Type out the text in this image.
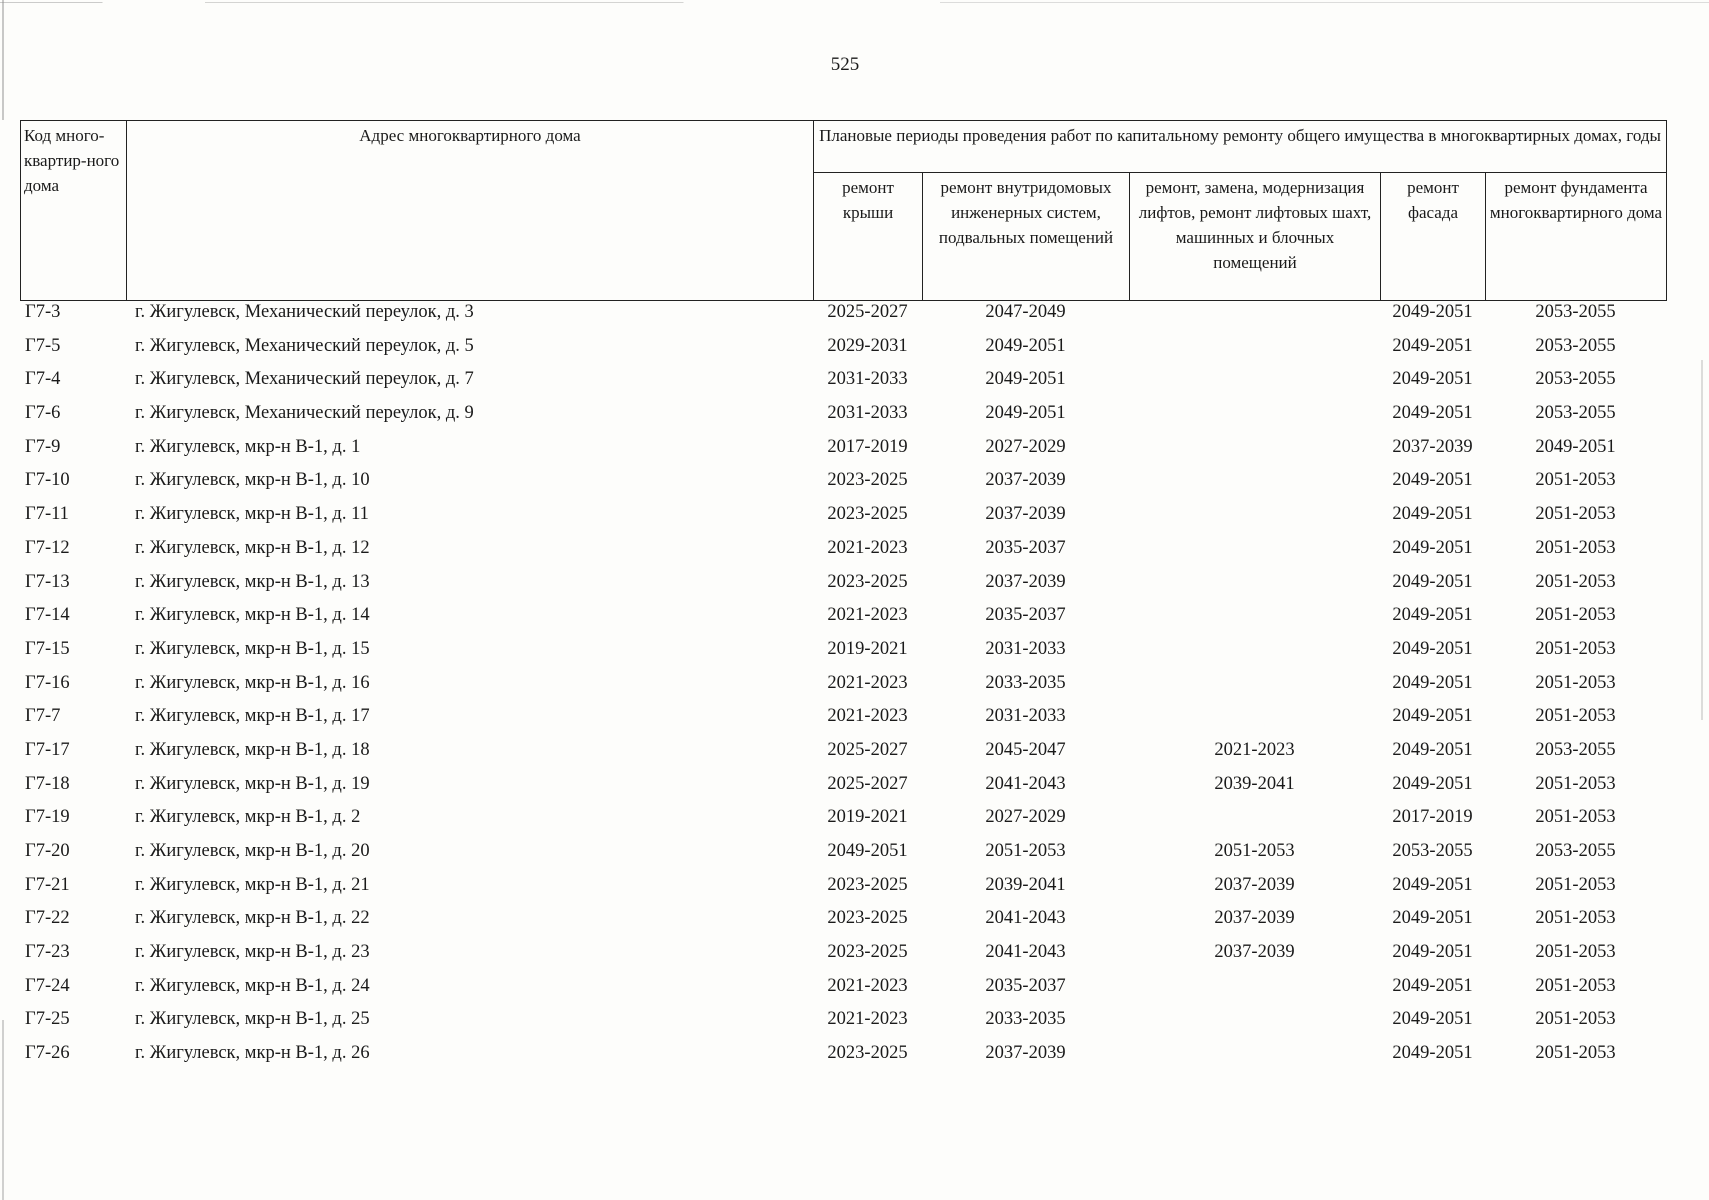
525
Код много-квартир-ного дома	Адрес многоквартирного дома	Плановые периоды проведения работ по капитальному ремонту общего имущества в многоквартирных домах, годы				
		ремонт крыши	ремонт внутридомовых инженерных систем, подвальных помещений	ремонт, замена, модернизация лифтов, ремонт лифтовых шахт, машинных и блочных помещений	ремонт фасада	ремонт фундамента многоквартирного дома
Г7-3	г. Жигулевск, Механический переулок, д. 3	2025-2027	2047-2049		2049-2051	2053-2055
Г7-5	г. Жигулевск, Механический переулок, д. 5	2029-2031	2049-2051		2049-2051	2053-2055
Г7-4	г. Жигулевск, Механический переулок, д. 7	2031-2033	2049-2051		2049-2051	2053-2055
Г7-6	г. Жигулевск, Механический переулок, д. 9	2031-2033	2049-2051		2049-2051	2053-2055
Г7-9	г. Жигулевск, мкр-н В-1, д. 1	2017-2019	2027-2029		2037-2039	2049-2051
Г7-10	г. Жигулевск, мкр-н В-1, д. 10	2023-2025	2037-2039		2049-2051	2051-2053
Г7-11	г. Жигулевск, мкр-н В-1, д. 11	2023-2025	2037-2039		2049-2051	2051-2053
Г7-12	г. Жигулевск, мкр-н В-1, д. 12	2021-2023	2035-2037		2049-2051	2051-2053
Г7-13	г. Жигулевск, мкр-н В-1, д. 13	2023-2025	2037-2039		2049-2051	2051-2053
Г7-14	г. Жигулевск, мкр-н В-1, д. 14	2021-2023	2035-2037		2049-2051	2051-2053
Г7-15	г. Жигулевск, мкр-н В-1, д. 15	2019-2021	2031-2033		2049-2051	2051-2053
Г7-16	г. Жигулевск, мкр-н В-1, д. 16	2021-2023	2033-2035		2049-2051	2051-2053
Г7-7	г. Жигулевск, мкр-н В-1, д. 17	2021-2023	2031-2033		2049-2051	2051-2053
Г7-17	г. Жигулевск, мкр-н В-1, д. 18	2025-2027	2045-2047	2021-2023	2049-2051	2053-2055
Г7-18	г. Жигулевск, мкр-н В-1, д. 19	2025-2027	2041-2043	2039-2041	2049-2051	2051-2053
Г7-19	г. Жигулевск, мкр-н В-1, д. 2	2019-2021	2027-2029		2017-2019	2051-2053
Г7-20	г. Жигулевск, мкр-н В-1, д. 20	2049-2051	2051-2053	2051-2053	2053-2055	2053-2055
Г7-21	г. Жигулевск, мкр-н В-1, д. 21	2023-2025	2039-2041	2037-2039	2049-2051	2051-2053
Г7-22	г. Жигулевск, мкр-н В-1, д. 22	2023-2025	2041-2043	2037-2039	2049-2051	2051-2053
Г7-23	г. Жигулевск, мкр-н В-1, д. 23	2023-2025	2041-2043	2037-2039	2049-2051	2051-2053
Г7-24	г. Жигулевск, мкр-н В-1, д. 24	2021-2023	2035-2037		2049-2051	2051-2053
Г7-25	г. Жигулевск, мкр-н В-1, д. 25	2021-2023	2033-2035		2049-2051	2051-2053
Г7-26	г. Жигулевск, мкр-н В-1, д. 26	2023-2025	2037-2039		2049-2051	2051-2053
